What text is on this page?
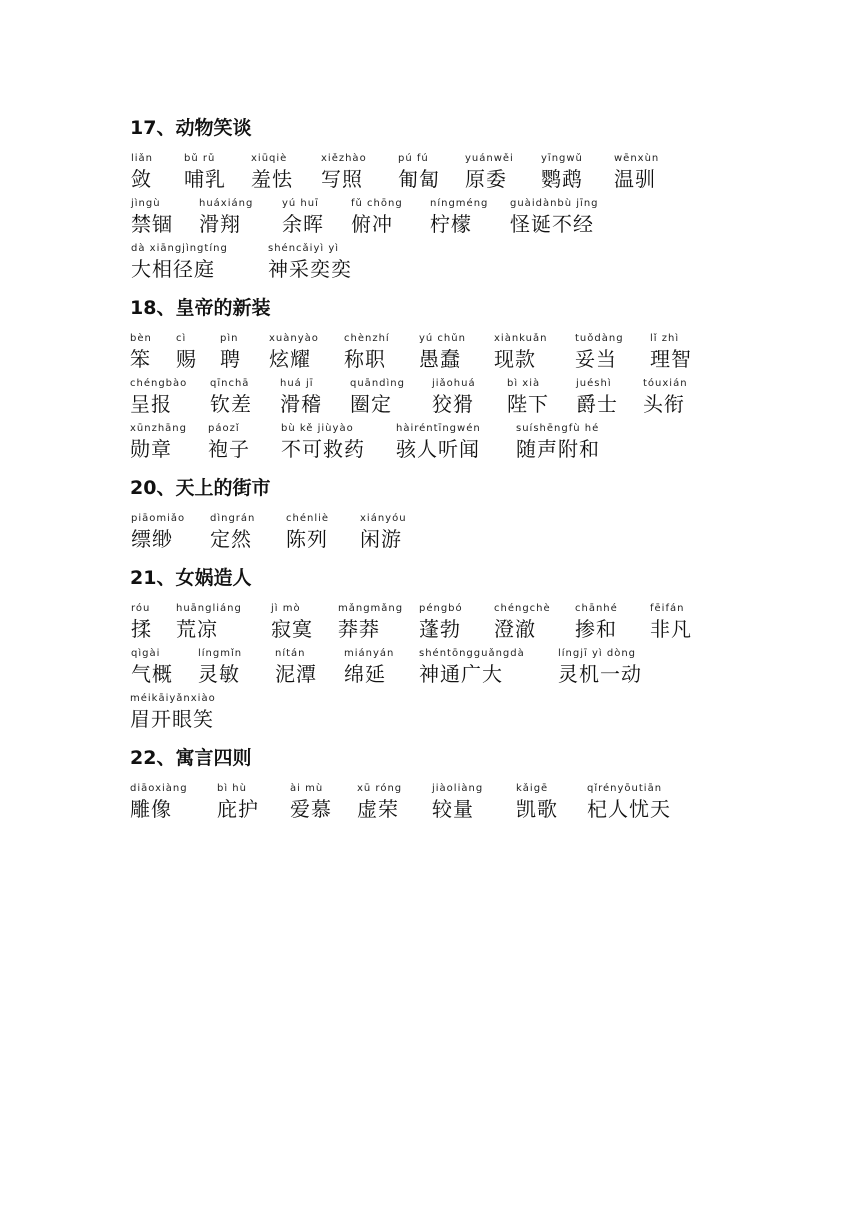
17、动物笑谈
liǎn
敛
bǔ rǔ
哺乳
xiūqiè
羞怯
xiězhào
写照
pú fú
匍匐
yuánwěi
原委
yīngwǔ
鹦鹉
wēnxùn
温驯
jìngù
禁锢
huáxiáng
滑翔
yú huī
余晖
fǔ chōng
俯冲
níngméng
柠檬
guàidànbù jīng
怪诞不经
dà xiāngjìngtíng
大相径庭
shéncǎiyì yì
神采奕奕
18、皇帝的新装
bèn
笨
cì
赐
pìn
聘
xuànyào
炫耀
chènzhí
称职
yú chǔn
愚蠢
xiànkuǎn
现款
tuǒdàng
妥当
lǐ zhì
理智
chéngbào
呈报
qīnchā
钦差
huá jī
滑稽
quāndìng
圈定
jiǎohuá
狡猾
bì xià
陛下
juéshì
爵士
tóuxián
头衔
xūnzhāng
勋章
páozǐ
袍子
bù kě jiùyào
不可救药
hàiréntīngwén
骇人听闻
suíshēngfù hé
随声附和
20、天上的街市
piāomiǎo
缥缈
dìngrán
定然
chénliè
陈列
xiányóu
闲游
21、女娲造人
róu
揉
huāngliáng
荒凉
jì mò
寂寞
mǎngmǎng
莽莽
péngbó
蓬勃
chéngchè
澄澈
chānhé
掺和
fēifán
非凡
qìgài
气概
língmǐn
灵敏
nítán
泥潭
miányán
绵延
shéntōngguǎngdà
神通广大
língjī yì dòng
灵机一动
méikāiyǎnxiào
眉开眼笑
22、寓言四则
diāoxiàng
雕像
bì hù
庇护
ài mù
爱慕
xū róng
虚荣
jiàoliàng
较量
kǎigē
凯歌
qǐrényōutiān
杞人忧天
